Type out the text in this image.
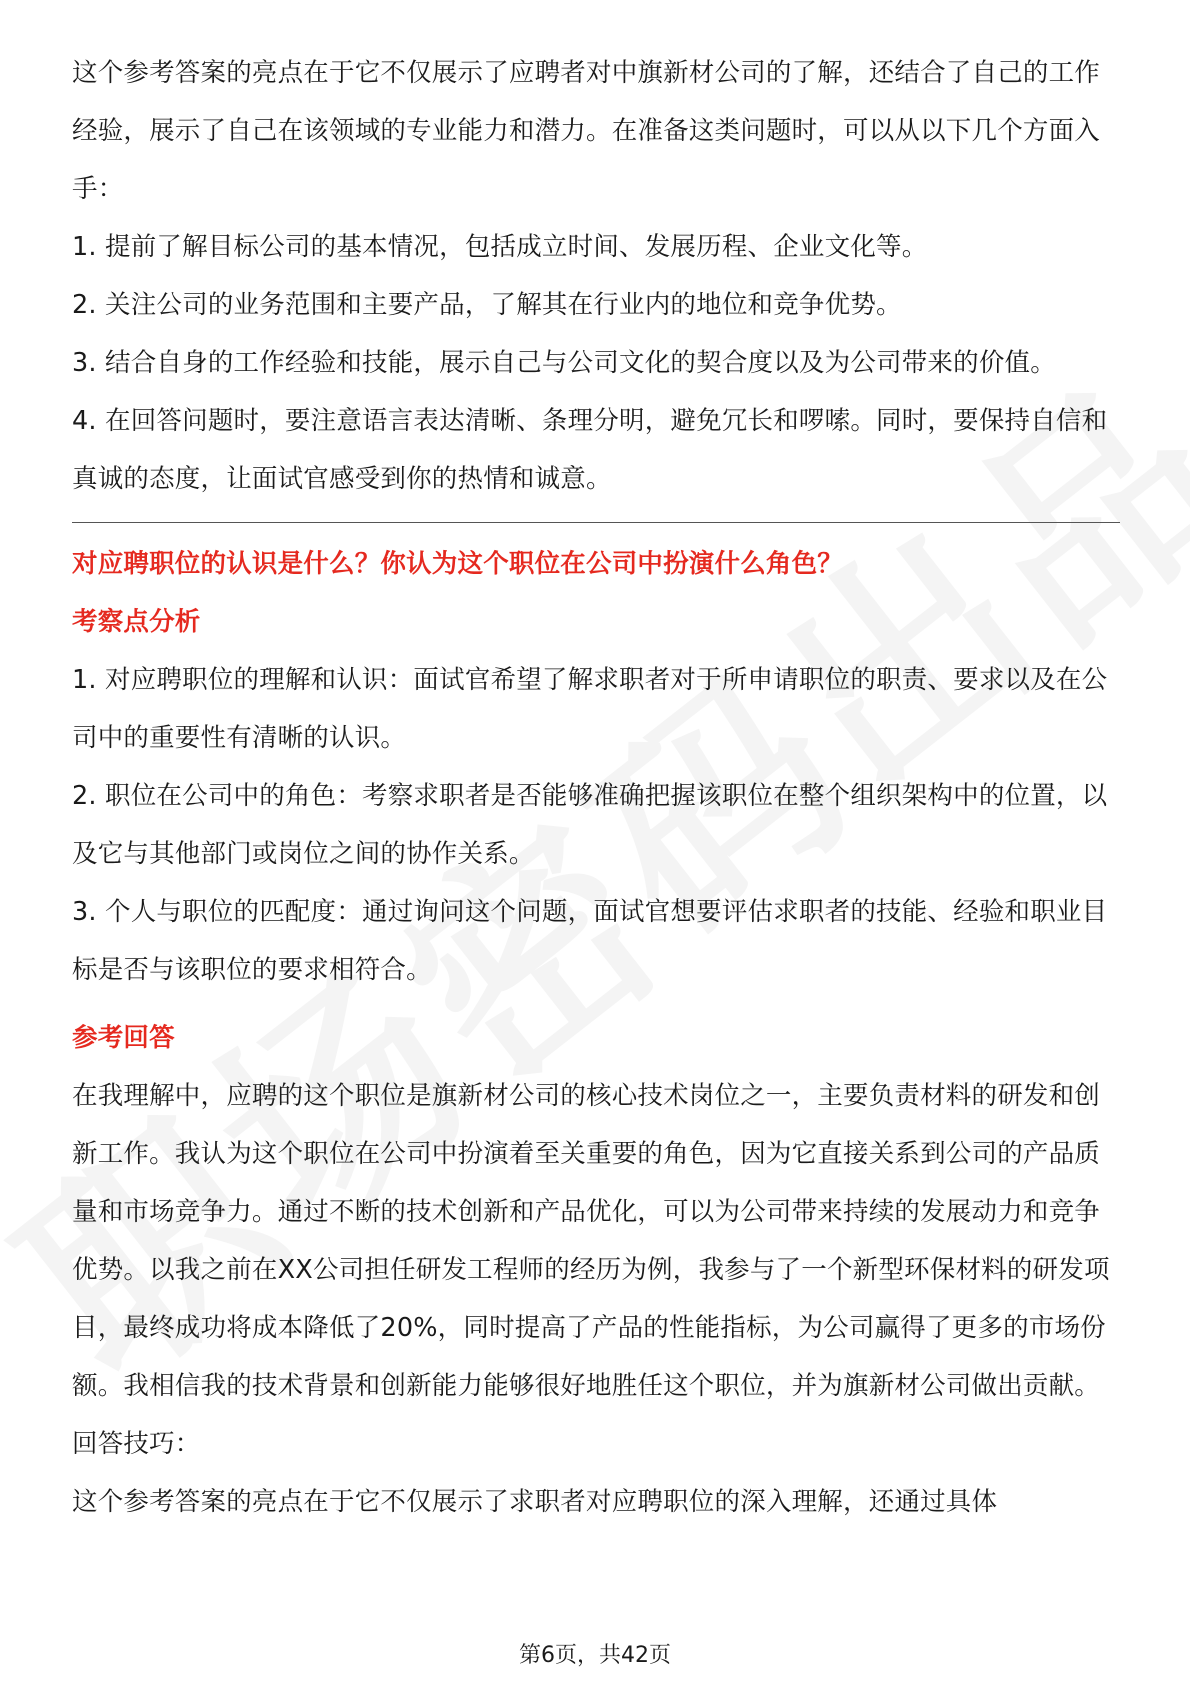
这个参考答案的亮点在于它不仅展示了应聘者对中旗新材公司的了解，还结合了自己的工作经验，展示了自己在该领域的专业能力和潜力。在准备这类问题时，可以从以下几个方面入手：

1. 提前了解目标公司的基本情况，包括成立时间、发展历程、企业文化等。

2. 关注公司的业务范围和主要产品，了解其在行业内的地位和竞争优势。

3. 结合自身的工作经验和技能，展示自己与公司文化的契合度以及为公司带来的价值。

4. 在回答问题时，要注意语言表达清晰、条理分明，避免冗长和啰嗦。同时，要保持自信和真诚的态度，让面试官感受到你的热情和诚意。

对应聘职位的认识是什么？你认为这个职位在公司中扮演什么角色？

考察点分析

1. 对应聘职位的理解和认识：面试官希望了解求职者对于所申请职位的职责、要求以及在公司中的重要性有清晰的认识。

2. 职位在公司中的角色：考察求职者是否能够准确把握该职位在整个组织架构中的位置，以及它与其他部门或岗位之间的协作关系。

3. 个人与职位的匹配度：通过询问这个问题，面试官想要评估求职者的技能、经验和职业目标是否与该职位的要求相符合。

参考回答

在我理解中，应聘的这个职位是旗新材公司的核心技术岗位之一，主要负责材料的研发和创新工作。我认为这个职位在公司中扮演着至关重要的角色，因为它直接关系到公司的产品质量和市场竞争力。通过不断的技术创新和产品优化，可以为公司带来持续的发展动力和竞争优势。以我之前在XX公司担任研发工程师的经历为例，我参与了一个新型环保材料的研发项目，最终成功将成本降低了20%，同时提高了产品的性能指标，为公司赢得了更多的市场份额。我相信我的技术背景和创新能力能够很好地胜任这个职位，并为旗新材公司做出贡献。

回答技巧：

这个参考答案的亮点在于它不仅展示了求职者对应聘职位的深入理解，还通过具体

第6页，共42页
